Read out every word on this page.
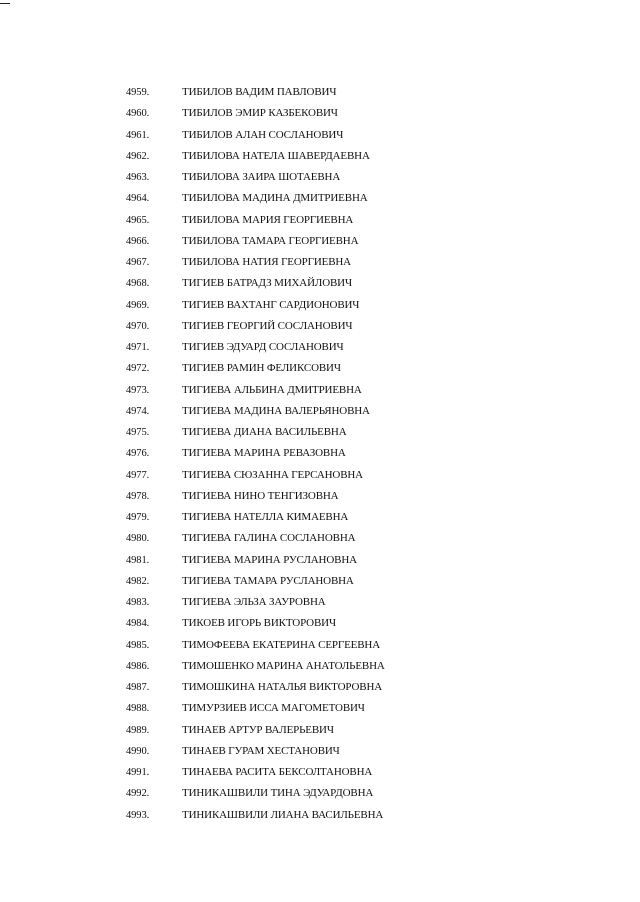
4959.	ТИБИЛОВ ВАДИМ ПАВЛОВИЧ
4960.	ТИБИЛОВ ЭМИР КАЗБЕКОВИЧ
4961.	ТИБИЛОВ АЛАН СОСЛАНОВИЧ
4962.	ТИБИЛОВА НАТЕЛА ШАВЕРДАЕВНА
4963.	ТИБИЛОВА ЗАИРА ШОТАЕВНА
4964.	ТИБИЛОВА МАДИНА ДМИТРИЕВНА
4965.	ТИБИЛОВА МАРИЯ ГЕОРГИЕВНА
4966.	ТИБИЛОВА ТАМАРА ГЕОРГИЕВНА
4967.	ТИБИЛОВА НАТИЯ ГЕОРГИЕВНА
4968.	ТИГИЕВ БАТРАДЗ МИХАЙЛОВИЧ
4969.	ТИГИЕВ ВАХТАНГ САРДИОНОВИЧ
4970.	ТИГИЕВ ГЕОРГИЙ СОСЛАНОВИЧ
4971.	ТИГИЕВ ЭДУАРД СОСЛАНОВИЧ
4972.	ТИГИЕВ РАМИН ФЕЛИКСОВИЧ
4973.	ТИГИЕВА АЛЬБИНА ДМИТРИЕВНА
4974.	ТИГИЕВА МАДИНА ВАЛЕРЬЯНОВНА
4975.	ТИГИЕВА ДИАНА ВАСИЛЬЕВНА
4976.	ТИГИЕВА МАРИНА РЕВАЗОВНА
4977.	ТИГИЕВА СЮЗАННА ГЕРСАНОВНА
4978.	ТИГИЕВА НИНО ТЕНГИЗОВНА
4979.	ТИГИЕВА НАТЕЛЛА КИМАЕВНА
4980.	ТИГИЕВА ГАЛИНА СОСЛАНОВНА
4981.	ТИГИЕВА МАРИНА РУСЛАНОВНА
4982.	ТИГИЕВА ТАМАРА РУСЛАНОВНА
4983.	ТИГИЕВА ЭЛЬЗА ЗАУРОВНА
4984.	ТИКОЕВ ИГОРЬ ВИКТОРОВИЧ
4985.	ТИМОФЕЕВА ЕКАТЕРИНА СЕРГЕЕВНА
4986.	ТИМОШЕНКО МАРИНА АНАТОЛЬЕВНА
4987.	ТИМОШКИНА НАТАЛЬЯ ВИКТОРОВНА
4988.	ТИМУРЗИЕВ ИССА МАГОМЕТОВИЧ
4989.	ТИНАЕВ АРТУР ВАЛЕРЬЕВИЧ
4990.	ТИНАЕВ ГУРАМ ХЕСТАНОВИЧ
4991.	ТИНАЕВА РАСИТА БЕКСОЛТАНОВНА
4992.	ТИНИКАШВИЛИ ТИНА ЭДУАРДОВНА
4993.	ТИНИКАШВИЛИ ЛИАНА ВАСИЛЬЕВНА
